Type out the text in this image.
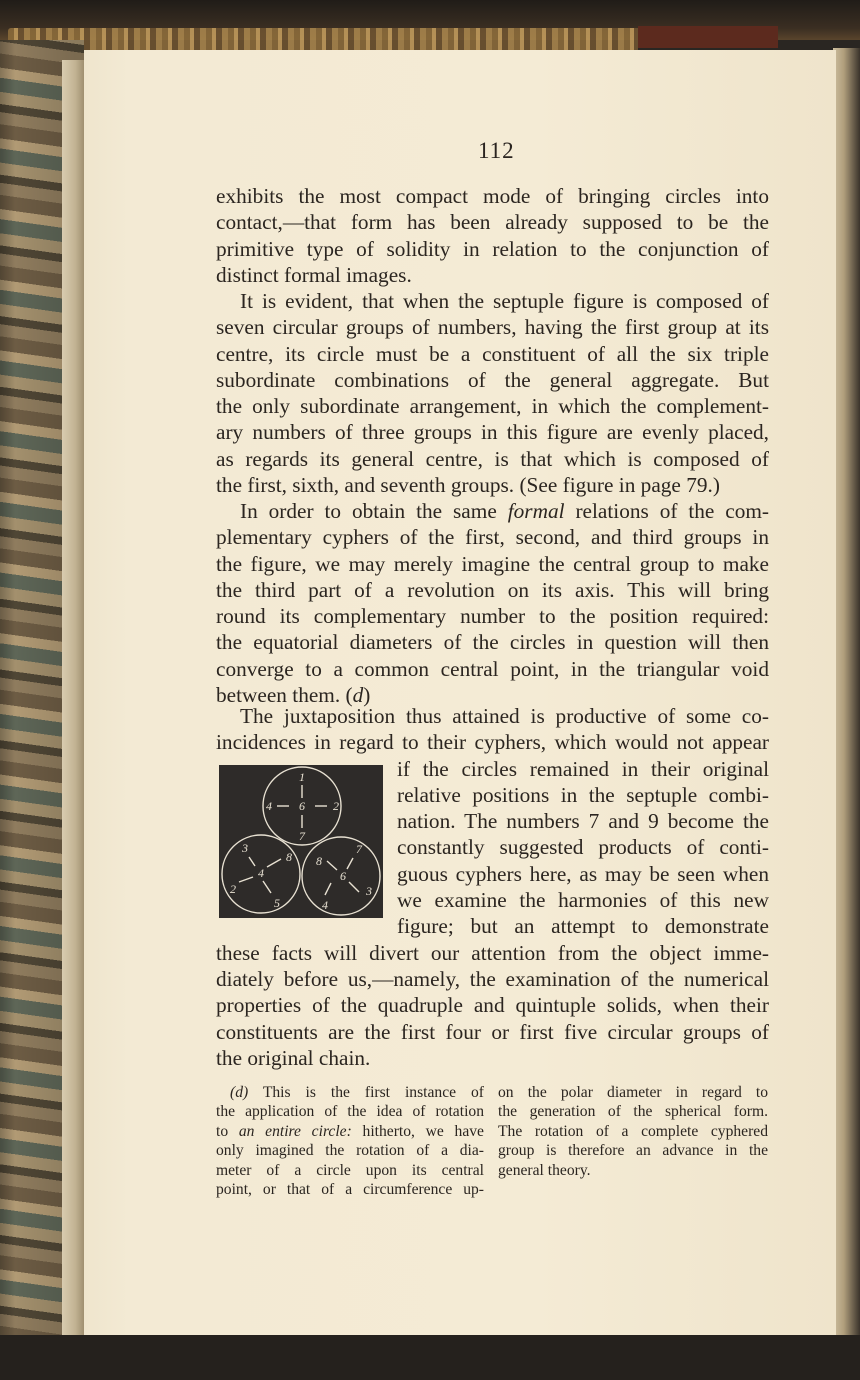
112
exhibits the most compact mode of bringing circles into
contact,—that form has been already supposed to be the
primitive type of solidity in relation to the conjunction of
distinct formal images.
It is evident, that when the septuple figure is composed of
seven circular groups of numbers, having the first group at its
centre, its circle must be a constituent of all the six triple
subordinate combinations of the general aggregate. But
the only subordinate arrangement, in which the complement-
ary numbers of three groups in this figure are evenly placed,
as regards its general centre, is that which is composed of
the first, sixth, and seventh groups. (See figure in page 79.)
In order to obtain the same formal relations of the com-
plementary cyphers of the first, second, and third groups in
the figure, we may merely imagine the central group to make
the third part of a revolution on its axis. This will bring
round its complementary number to the position required:
the equatorial diameters of the circles in question will then
converge to a common central point, in the triangular void
between them. (d)
The juxtaposition thus attained is productive of some co-
incidences in regard to their cyphers, which would not appear
if the circles remained in their original
relative positions in the septuple combi-
nation. The numbers 7 and 9 become the
constantly suggested products of conti-
guous cyphers here, as may be seen when
we examine the harmonies of this new
figure; but an attempt to demonstrate
these facts will divert our attention from the object imme-
diately before us,—namely, the examination of the numerical
properties of the quadruple and quintuple solids, when their
constituents are the first four or first five circular groups of
the original chain.
1
4 6 2
7
3
8
4
2
5
8
7
6
3
4
(d) This is the first instance of
the application of the idea of rotation
to an entire circle: hitherto, we have
only imagined the rotation of a dia-
meter of a circle upon its central
point, or that of a circumference up-
on the polar diameter in regard to
the generation of the spherical form.
The rotation of a complete cyphered
group is therefore an advance in the
general theory.
